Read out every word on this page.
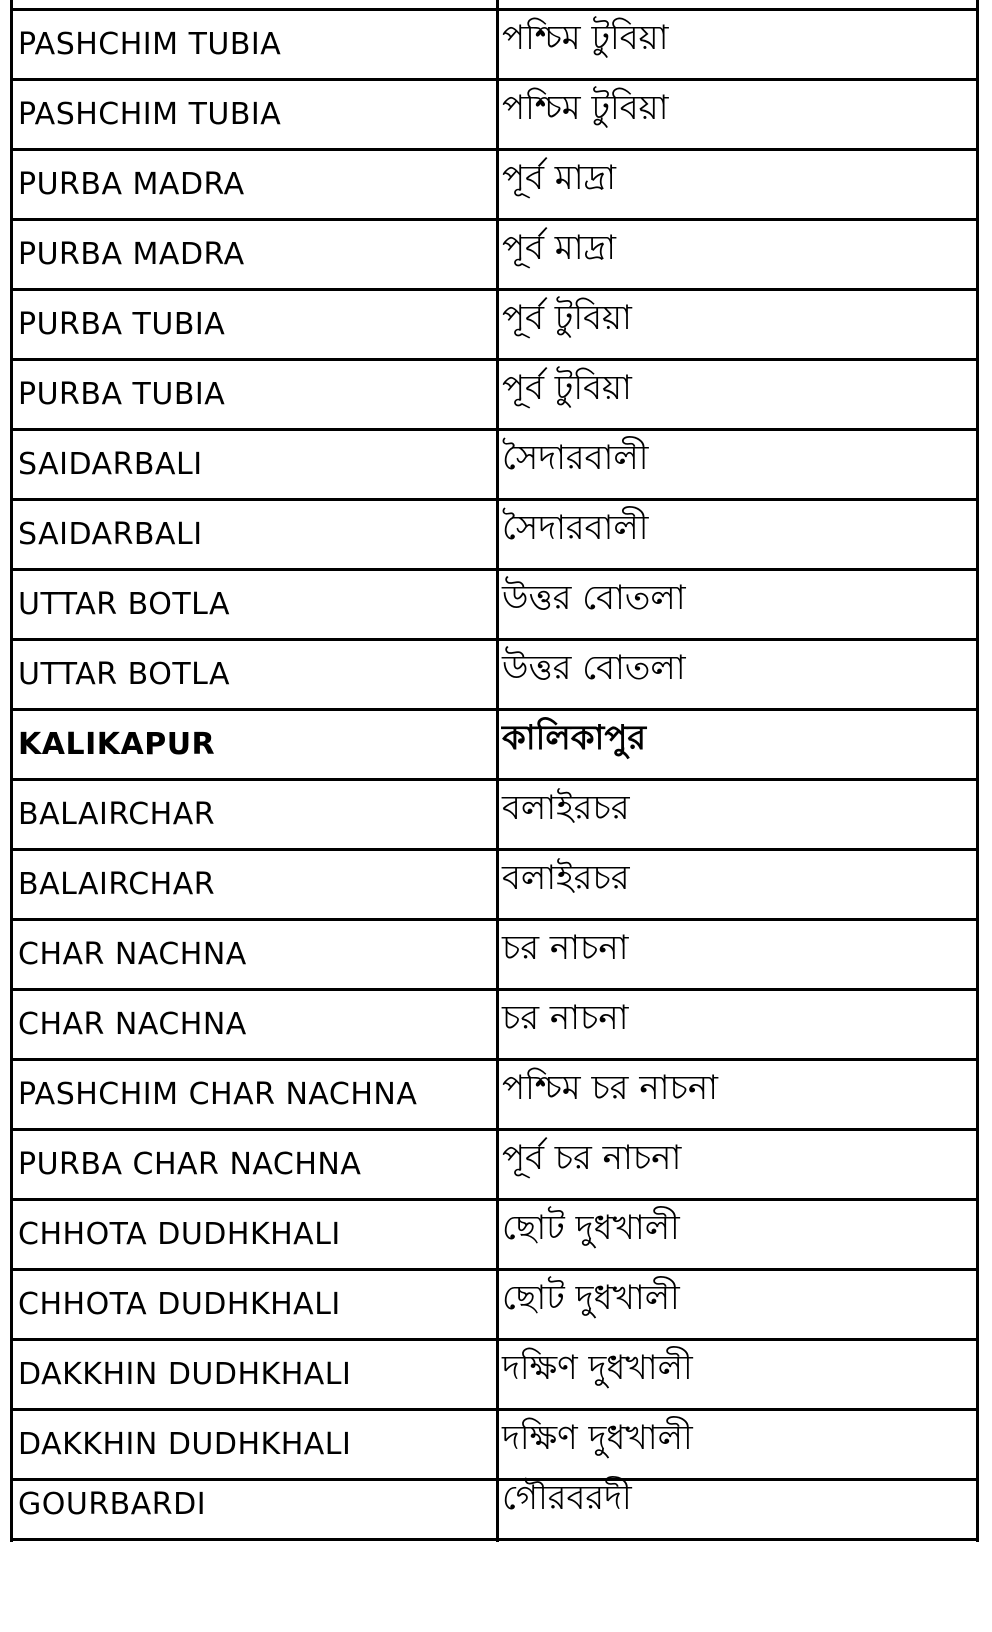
PASHCHIM TUBIA	পশ্চিম টুবিয়া
PASHCHIM TUBIA	পশ্চিম টুবিয়া
PURBA MADRA	পূর্ব মাদ্রা
PURBA MADRA	পূর্ব মাদ্রা
PURBA TUBIA	পূর্ব টুবিয়া
PURBA TUBIA	পূর্ব টুবিয়া
SAIDARBALI	সৈদারবালী
SAIDARBALI	সৈদারবালী
UTTAR BOTLA	উত্তর বোতলা
UTTAR BOTLA	উত্তর বোতলা
KALIKAPUR	কালিকাপুর
BALAIRCHAR	বলাইরচর
BALAIRCHAR	বলাইরচর
CHAR NACHNA	চর নাচনা
CHAR NACHNA	চর নাচনা
PASHCHIM CHAR NACHNA	পশ্চিম চর নাচনা
PURBA CHAR NACHNA	পূর্ব চর নাচনা
CHHOTA DUDHKHALI	ছোট দুধখালী
CHHOTA DUDHKHALI	ছোট দুধখালী
DAKKHIN DUDHKHALI	দক্ষিণ দুধখালী
DAKKHIN DUDHKHALI	দক্ষিণ দুধখালী
GOURBARDI	গৌরবরদী
